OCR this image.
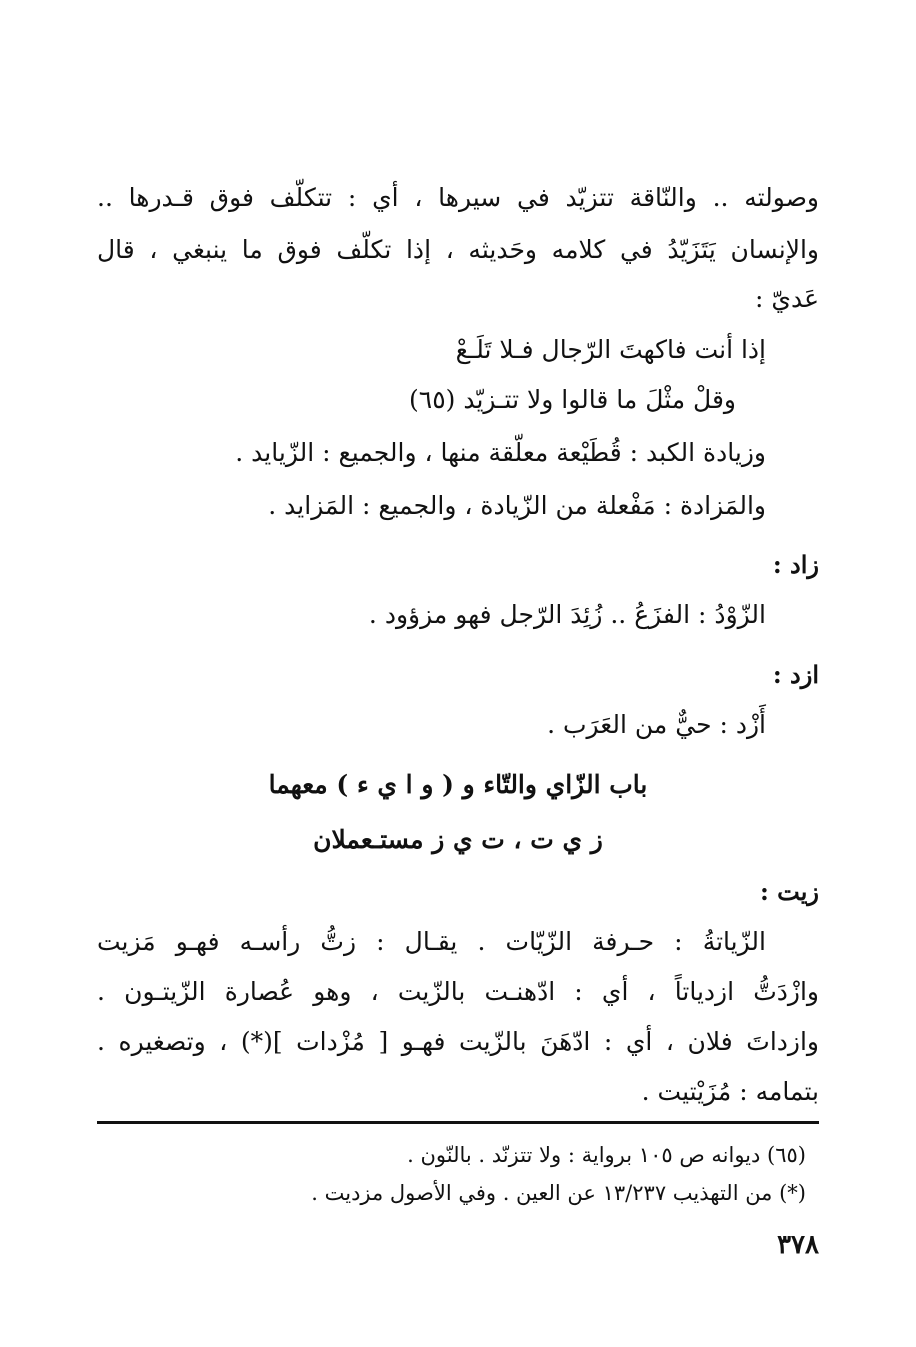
وصولته .. والنّاقة تتزيّد في سيرها ، أي : تتكلّف فوق قـدرها ..
والإنسان يَتَزَيّدُ في كلامه وحَديثه ، إذا تكلّف فوق ما ينبغي ، قال
عَديّ :
إذا أنت فاكهتَ الرّجال فـلا تَلَـعْ
وقلْ مثْلَ ما قالوا ولا تتـزيّد (٦٥)
وزيادة الكبد : قُطَيْعة معلّقة منها ، والجميع : الزّيايد .
والمَزادة : مَفْعلة من الزّيادة ، والجميع : المَزايد .
زاد :
الزّوْدُ : الفزَعُ .. زُئِدَ الرّجل فهو مزؤود .
ازد :
أَزْد : حيٌّ من العَرَب .
باب الزّاي والتّاء و ( و ا ي ء ) معهما
ز ي ت ، ت ي ز مستـعملان
زيت :
الزّياتةُ : حـرفة الزّيّات . يقـال : زتُّ رأسـه فهـو مَزيت
وازْدَتُّ ازدياتاً ، أي : ادّهنـت بالزّيت ، وهو عُصارة الزّيتـون .
وازداتَ فلان ، أي : ادّهَنَ بالزّيت فهـو [ مُزْدات ](*) ، وتصغيره .
بتمامه : مُزَيْتيت .
(٦٥) ديوانه ص ١٠٥ برواية : ولا تتزنّد . بالنّون .
(*) من التهذيب ١٣/٢٣٧ عن العين . وفي الأصول مزديت .
٣٧٨
